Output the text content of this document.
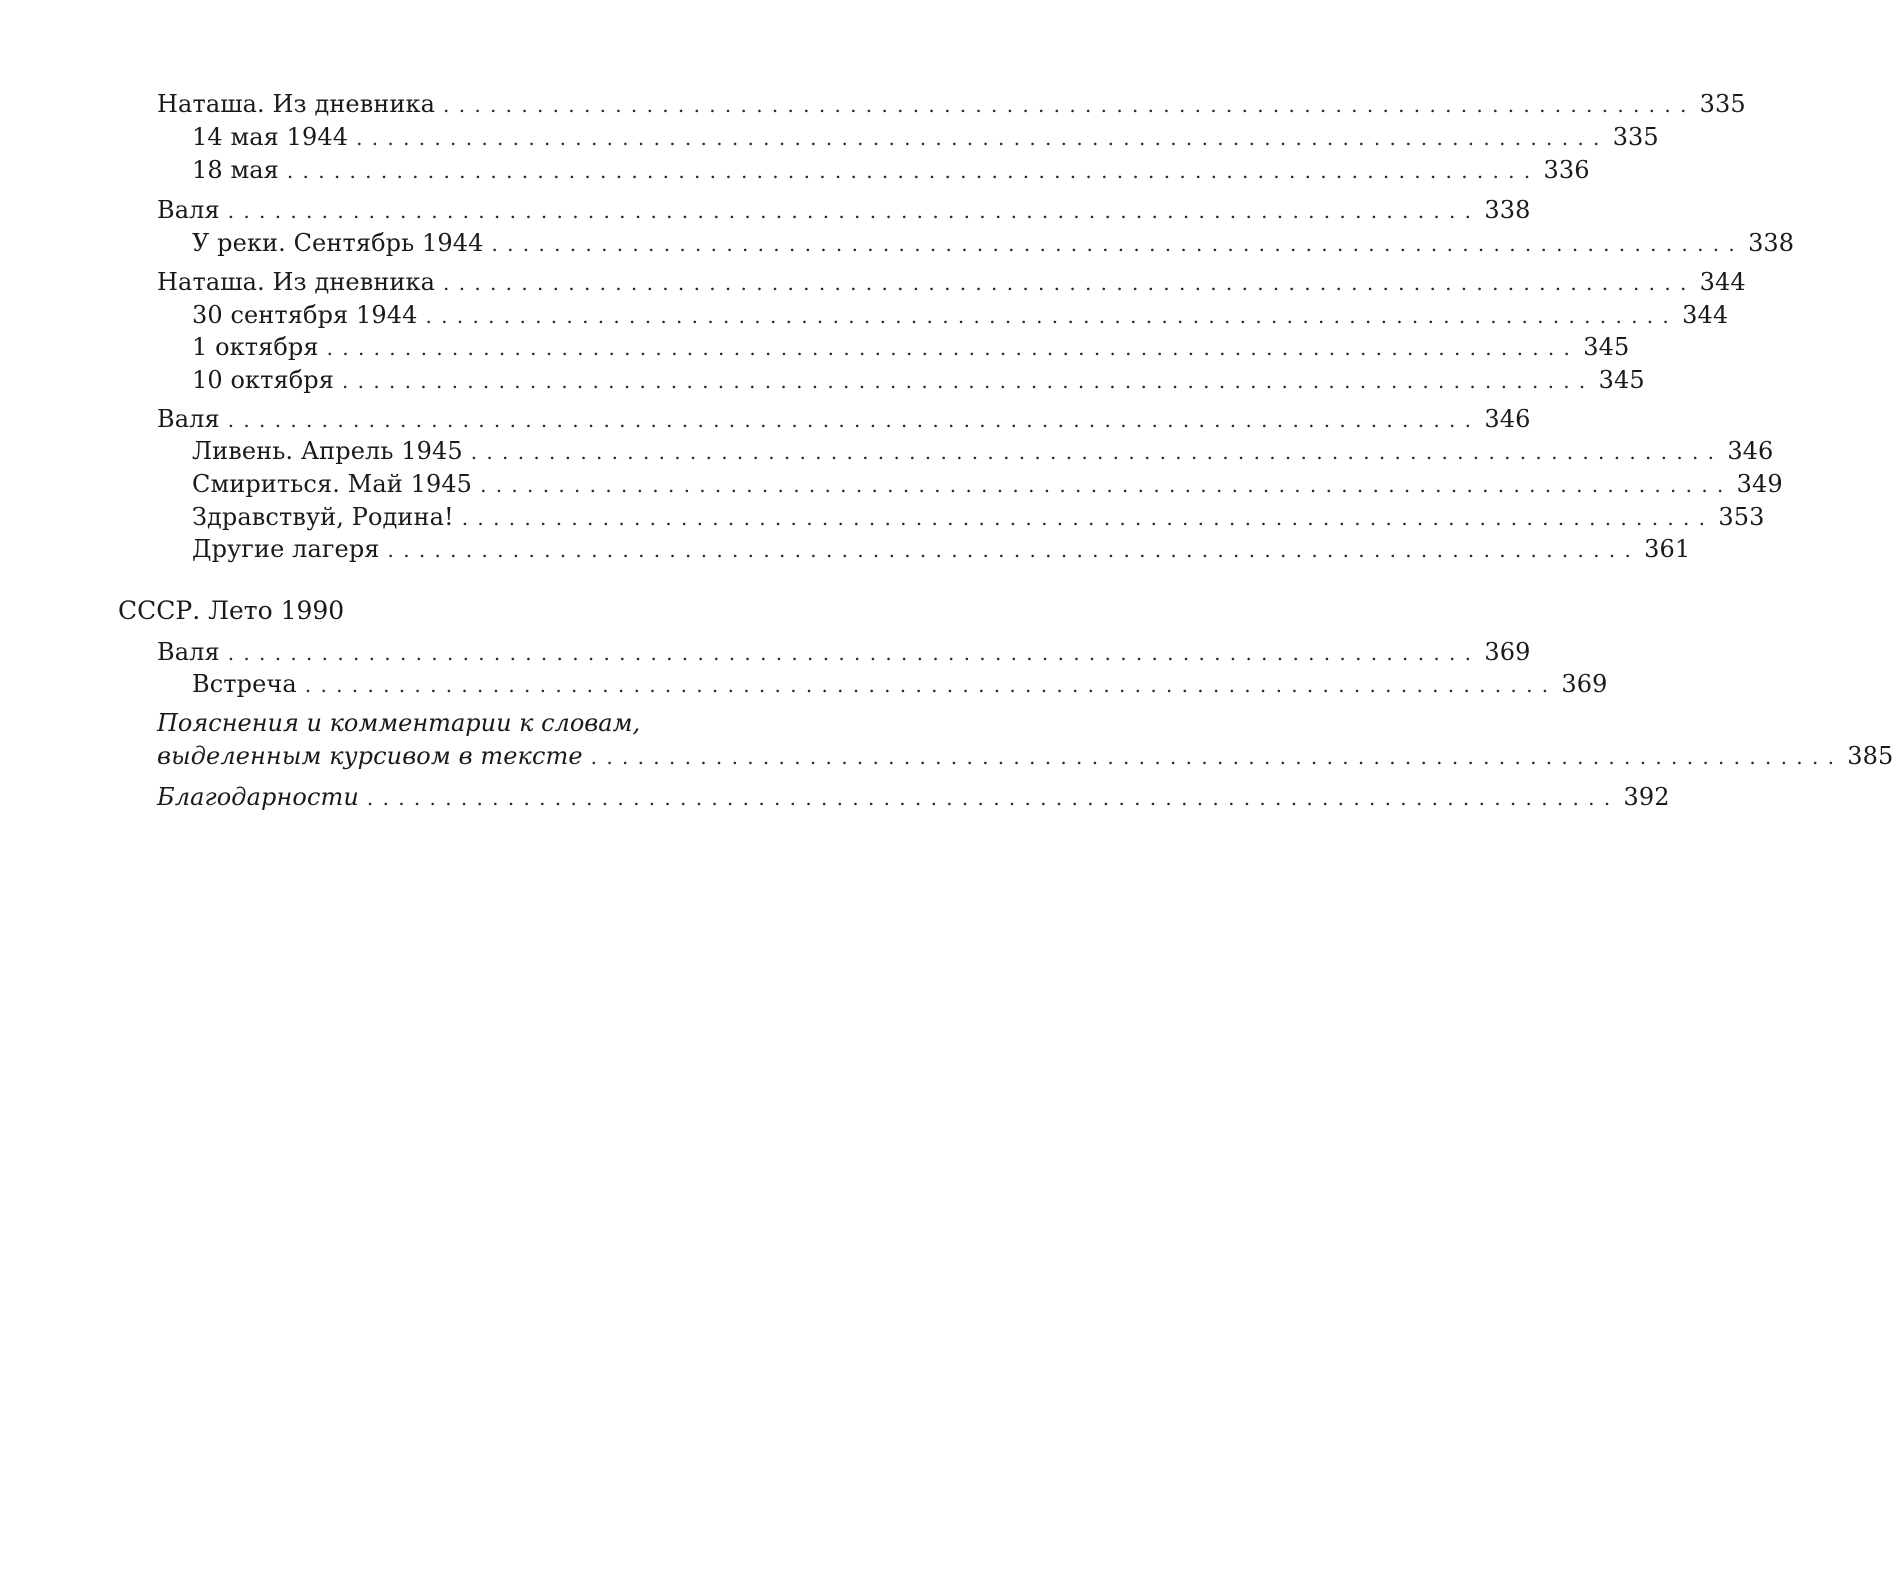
Наташа. Из дневника ................................................................................ 335
14 мая 1944 ................................................................................ 335
18 мая ................................................................................ 336
Валя ................................................................................ 338
У реки. Сентябрь 1944 ................................................................................ 338
Наташа. Из дневника ................................................................................ 344
30 сентября 1944 ................................................................................ 344
1 октября ................................................................................ 345
10 октября ................................................................................ 345
Валя ................................................................................ 346
Ливень. Апрель 1945 ................................................................................ 346
Смириться. Май 1945 ................................................................................ 349
Здравствуй, Родина! ................................................................................ 353
Другие лагеря ................................................................................ 361
СССР. Лето 1990
Валя ................................................................................ 369
Встреча ................................................................................ 369
Пояснения и комментарии к словам,
выделенным курсивом в тексте ................................................................................ 385
Благодарности ................................................................................ 392
